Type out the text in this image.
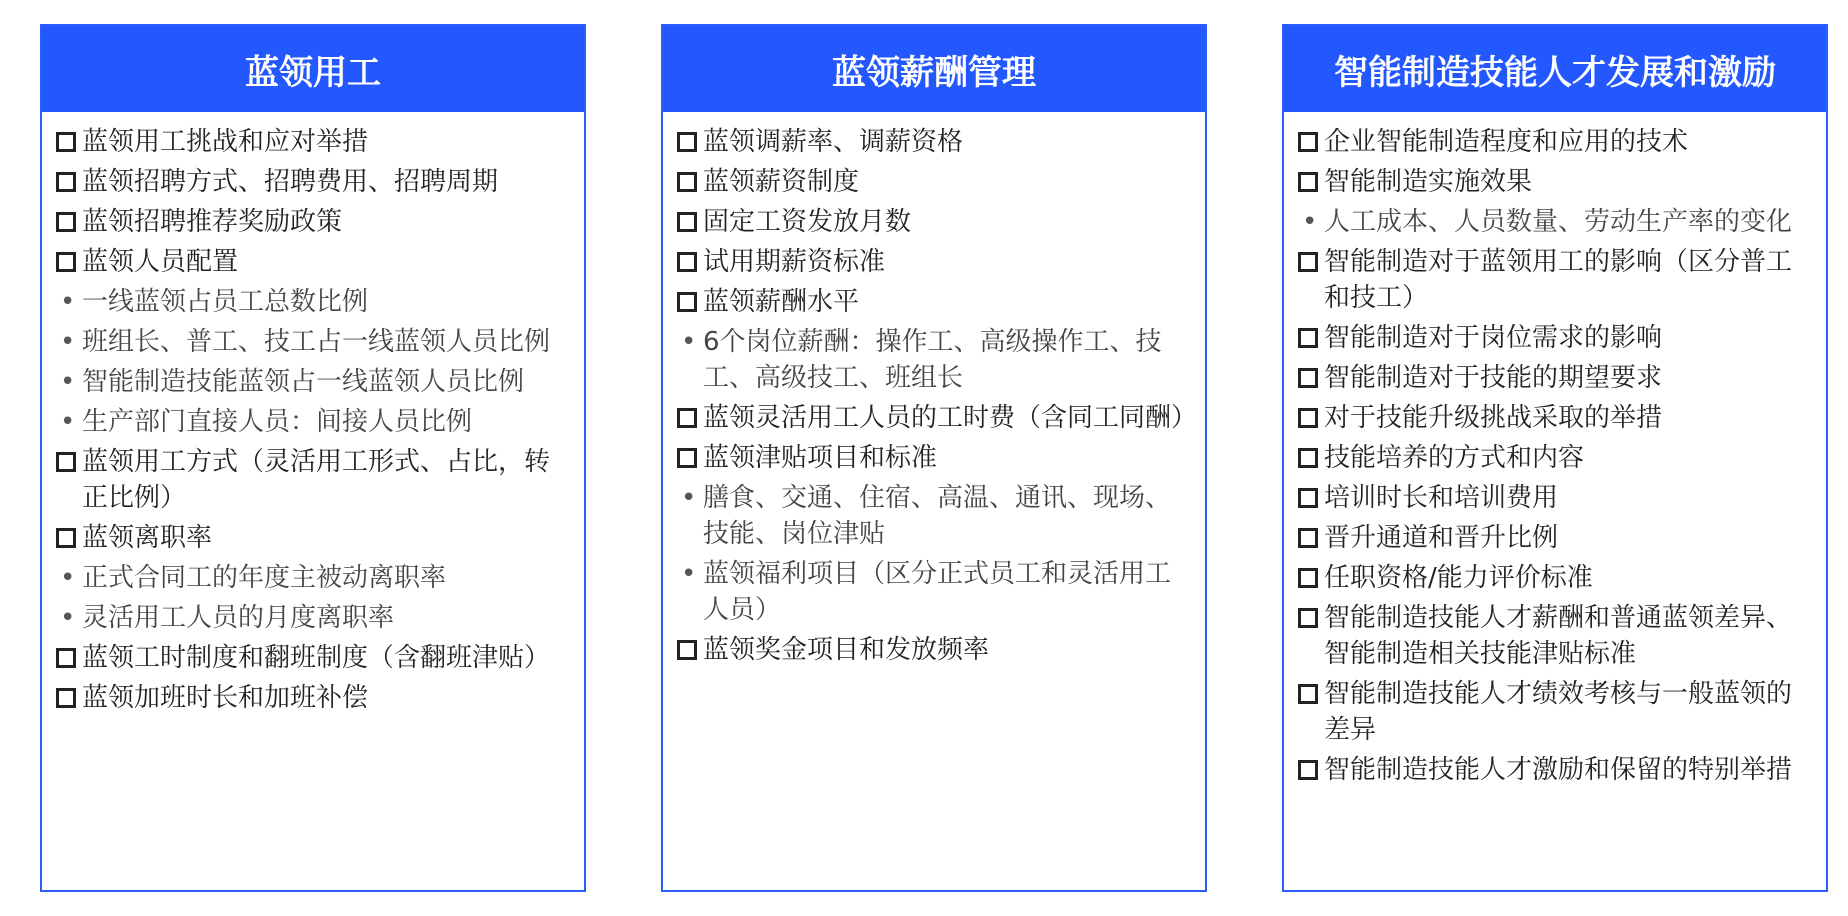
蓝领用工
蓝领用工挑战和应对举措
蓝领招聘方式、招聘费用、招聘周期
蓝领招聘推荐奖励政策
蓝领人员配置
• 一线蓝领占员工总数比例
• 班组长、普工、技工占一线蓝领人员比例
• 智能制造技能蓝领占一线蓝领人员比例
• 生产部门直接人员：间接人员比例
蓝领用工方式（灵活用工形式、占比，转正比例）
蓝领离职率
• 正式合同工的年度主被动离职率
• 灵活用工人员的月度离职率
蓝领工时制度和翻班制度（含翻班津贴）
蓝领加班时长和加班补偿
蓝领薪酬管理
蓝领调薪率、调薪资格
蓝领薪资制度
固定工资发放月数
试用期薪资标准
蓝领薪酬水平
• 6个岗位薪酬：操作工、高级操作工、技工、高级技工、班组长
蓝领灵活用工人员的工时费（含同工同酬）
蓝领津贴项目和标准
• 膳食、交通、住宿、高温、通讯、现场、技能、岗位津贴
• 蓝领福利项目（区分正式员工和灵活用工人员）
蓝领奖金项目和发放频率
智能制造技能人才发展和激励
企业智能制造程度和应用的技术
智能制造实施效果
• 人工成本、人员数量、劳动生产率的变化
智能制造对于蓝领用工的影响（区分普工和技工）
智能制造对于岗位需求的影响
智能制造对于技能的期望要求
对于技能升级挑战采取的举措
技能培养的方式和内容
培训时长和培训费用
晋升通道和晋升比例
任职资格/能力评价标准
智能制造技能人才薪酬和普通蓝领差异、智能制造相关技能津贴标准
智能制造技能人才绩效考核与一般蓝领的差异
智能制造技能人才激励和保留的特别举措
